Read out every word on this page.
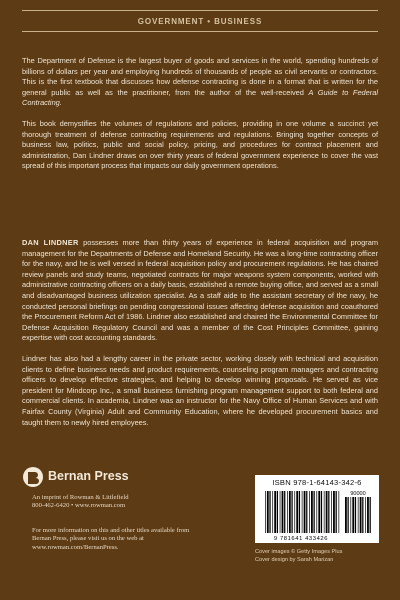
GOVERNMENT • BUSINESS

The Department of Defense is the largest buyer of goods and services in the world, spending hundreds of billions of dollars per year and employing hundreds of thousands of people as civil servants or contractors. This is the first textbook that discusses how defense contracting is done in a format that is written for the general public as well as the practitioner, from the author of the well-received A Guide to Federal Contracting.

This book demystifies the volumes of regulations and policies, providing in one volume a succinct yet thorough treatment of defense contracting requirements and regulations. Bringing together concepts of business law, politics, public and social policy, pricing, and procedures for contract placement and administration, Dan Lindner draws on over thirty years of federal government experience to cover the vast spread of this important process that impacts our daily government operations.

DAN LINDNER possesses more than thirty years of experience in federal acquisition and program management for the Departments of Defense and Homeland Security. He was a long-time contracting officer for the navy, and he is well versed in federal acquisition policy and procurement regulations. He has chaired review panels and study teams, negotiated contracts for major weapons system components, worked with administrative contracting officers on a daily basis, established a remote buying office, and served as a small and disadvantaged business utilization specialist. As a staff aide to the assistant secretary of the navy, he conducted personal briefings on pending congressional issues affecting defense acquisition and coauthored the Procurement Reform Act of 1986. Lindner also established and chaired the Environmental Committee for Defense Acquisition Regulatory Council and was a member of the Cost Principles Committee, gaining expertise with cost accounting standards.

Lindner has also had a lengthy career in the private sector, working closely with technical and acquisition clients to define business needs and product requirements, counseling program managers and contracting officers to develop effective strategies, and helping to develop winning proposals. He served as vice president for Mindcorp Inc., a small business furnishing program management support to both federal and commercial clients. In academia, Lindner was an instructor for the Navy Office of Human Services and with Fairfax County (Virginia) Adult and Community Education, where he developed procurement basics and taught them to newly hired employees.

Bernan Press
An imprint of Rowman & Littlefield
800-462-6420 • www.rowman.com
For more information on this and other titles available from Bernan Press, please visit us on the web at www.rowman.com/BernanPress.
ISBN 978-1-64143-342-6
90000
9 781641 433426
Cover images © Getty Images Plus
Cover design by Sarah Marizan
